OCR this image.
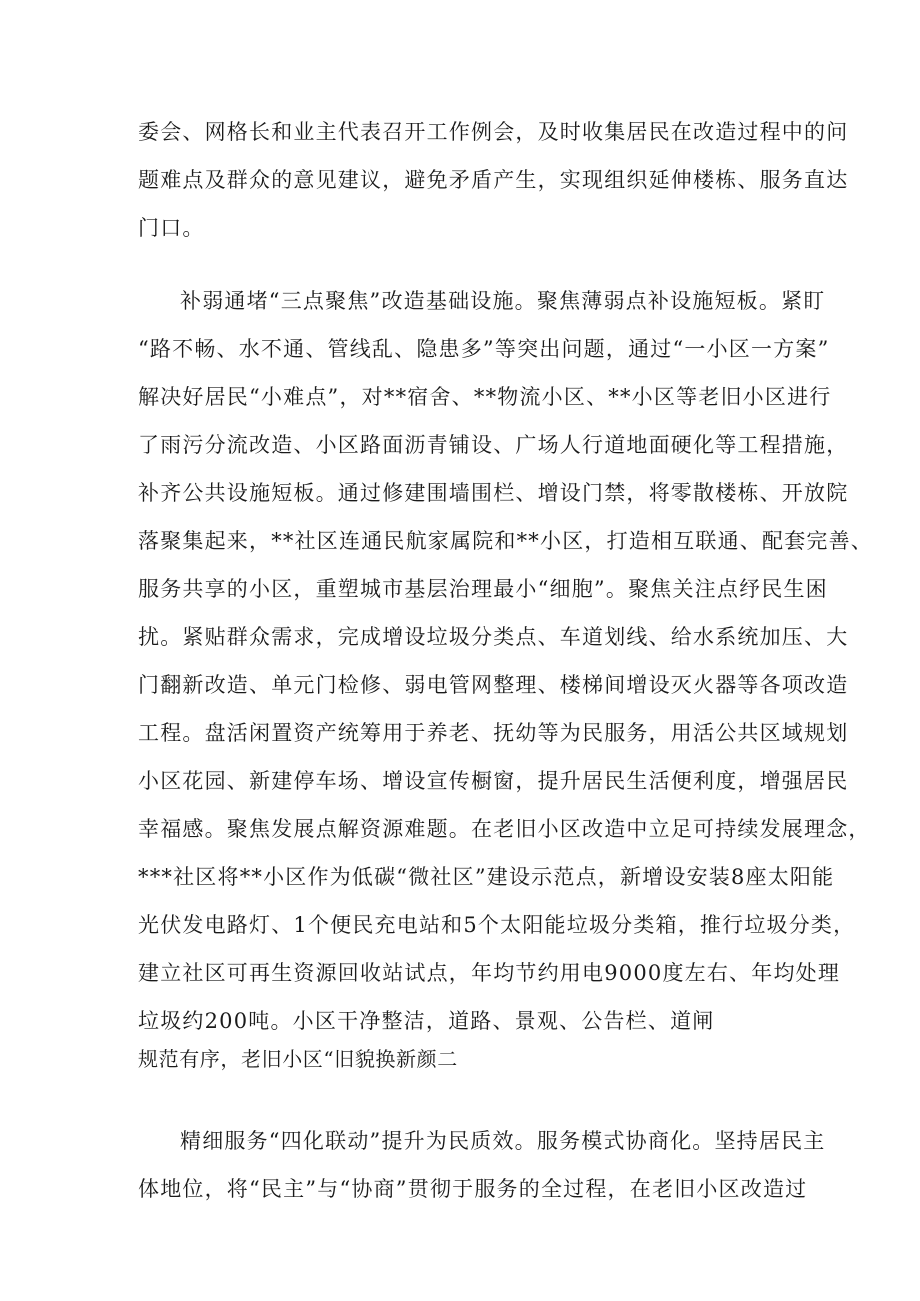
委会、网格长和业主代表召开工作例会，及时收集居民在改造过程中的问
题难点及群众的意见建议，避免矛盾产生，实现组织延伸楼栋、服务直达
门口。
补弱通堵“三点聚焦”改造基础设施。聚焦薄弱点补设施短板。紧盯
“路不畅、水不通、管线乱、隐患多”等突出问题，通过“一小区一方案”
解决好居民“小难点”，对**宿舍、**物流小区、**小区等老旧小区进行
了雨污分流改造、小区路面沥青铺设、广场人行道地面硬化等工程措施，
补齐公共设施短板。通过修建围墙围栏、增设门禁，将零散楼栋、开放院
落聚集起来，**社区连通民航家属院和**小区，打造相互联通、配套完善、
服务共享的小区，重塑城市基层治理最小“细胞”。聚焦关注点纾民生困
扰。紧贴群众需求，完成增设垃圾分类点、车道划线、给水系统加压、大
门翻新改造、单元门检修、弱电管网整理、楼梯间增设灭火器等各项改造
工程。盘活闲置资产统筹用于养老、抚幼等为民服务，用活公共区域规划
小区花园、新建停车场、增设宣传橱窗，提升居民生活便利度，增强居民
幸福感。聚焦发展点解资源难题。在老旧小区改造中立足可持续发展理念，
***社区将**小区作为低碳“微社区”建设示范点，新增设安装8座太阳能
光伏发电路灯、1个便民充电站和5个太阳能垃圾分类箱，推行垃圾分类，
建立社区可再生资源回收站试点，年均节约用电9000度左右、年均处理
垃圾约200吨。小区干净整洁，道路、景观、公告栏、道闸
规范有序，老旧小区“旧貌换新颜二
精细服务“四化联动”提升为民质效。服务模式协商化。坚持居民主
体地位，将“民主”与“协商”贯彻于服务的全过程，在老旧小区改造过
